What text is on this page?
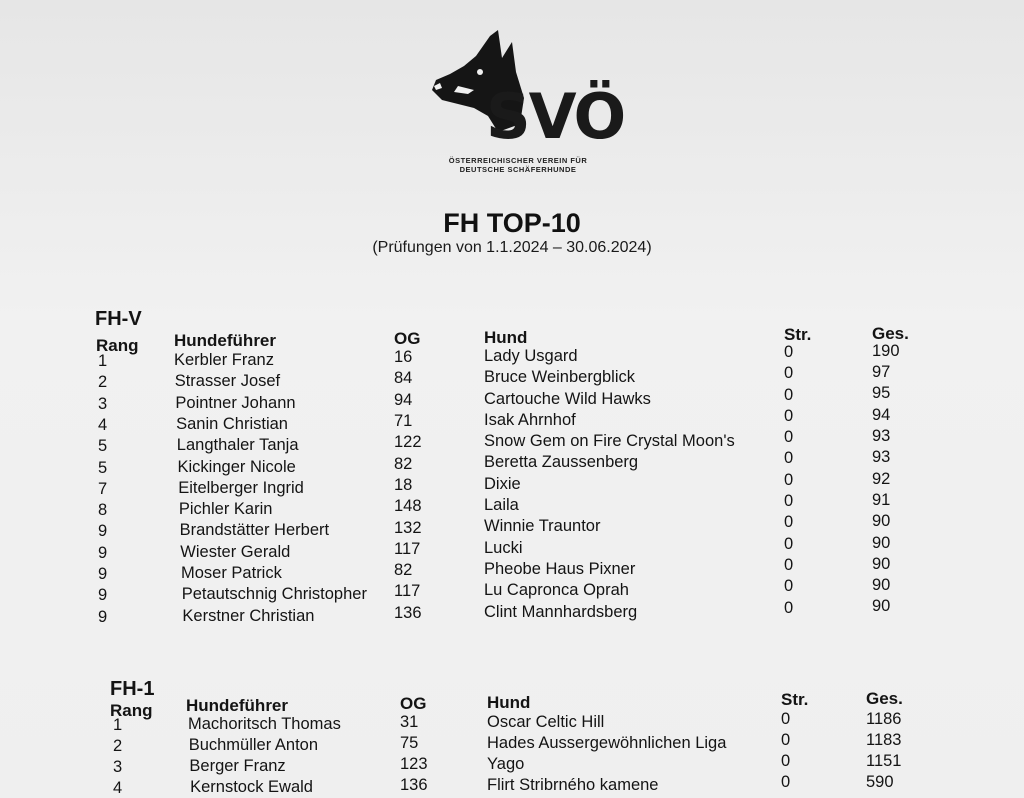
SVÖ
ÖSTERREICHISCHER VEREIN FÜR
DEUTSCHE SCHÄFERHUNDE
FH TOP-10
(Prüfungen von 1.1.2024 – 30.06.2024)
FH-V
Rang Hundeführer	OG	Hund	Str.	Ges.
1	Kerbler Franz	16	Lady Usgard	0	190
2	Strasser Josef	84	Bruce Weinbergblick	0	97
3	Pointner Johann	94	Cartouche Wild Hawks	0	95
4	Sanin Christian	71	Isak Ahrnhof	0	94
5	Langthaler Tanja	122	Snow Gem on Fire Crystal Moon's	0	93
5	Kickinger Nicole	82	Beretta Zaussenberg	0	93
7	Eitelberger Ingrid	18	Dixie	0	92
8	Pichler Karin	148	Laila	0	91
9	Brandstätter Herbert	132	Winnie Trauntor	0	90
9	Wiester Gerald	117	Lucki	0	90
9	Moser Patrick	82	Pheobe Haus Pixner	0	90
9	Petautschnig Christopher 117	Lu Capronca Oprah	0	90
9	Kerstner Christian	136	Clint Mannhardsberg	0	90
FH-1
Rang Hundeführer	OG	Hund	Str.	Ges.
1	Machoritsch Thomas	31	Oscar Celtic Hill	0	1186
2	Buchmüller Anton	75	Hades Aussergewöhnlichen Liga	0	1183
3	Berger Franz	123	Yago	0	1151
4	Kernstock Ewald	136	Flirt Stribrného kamene	0	590
